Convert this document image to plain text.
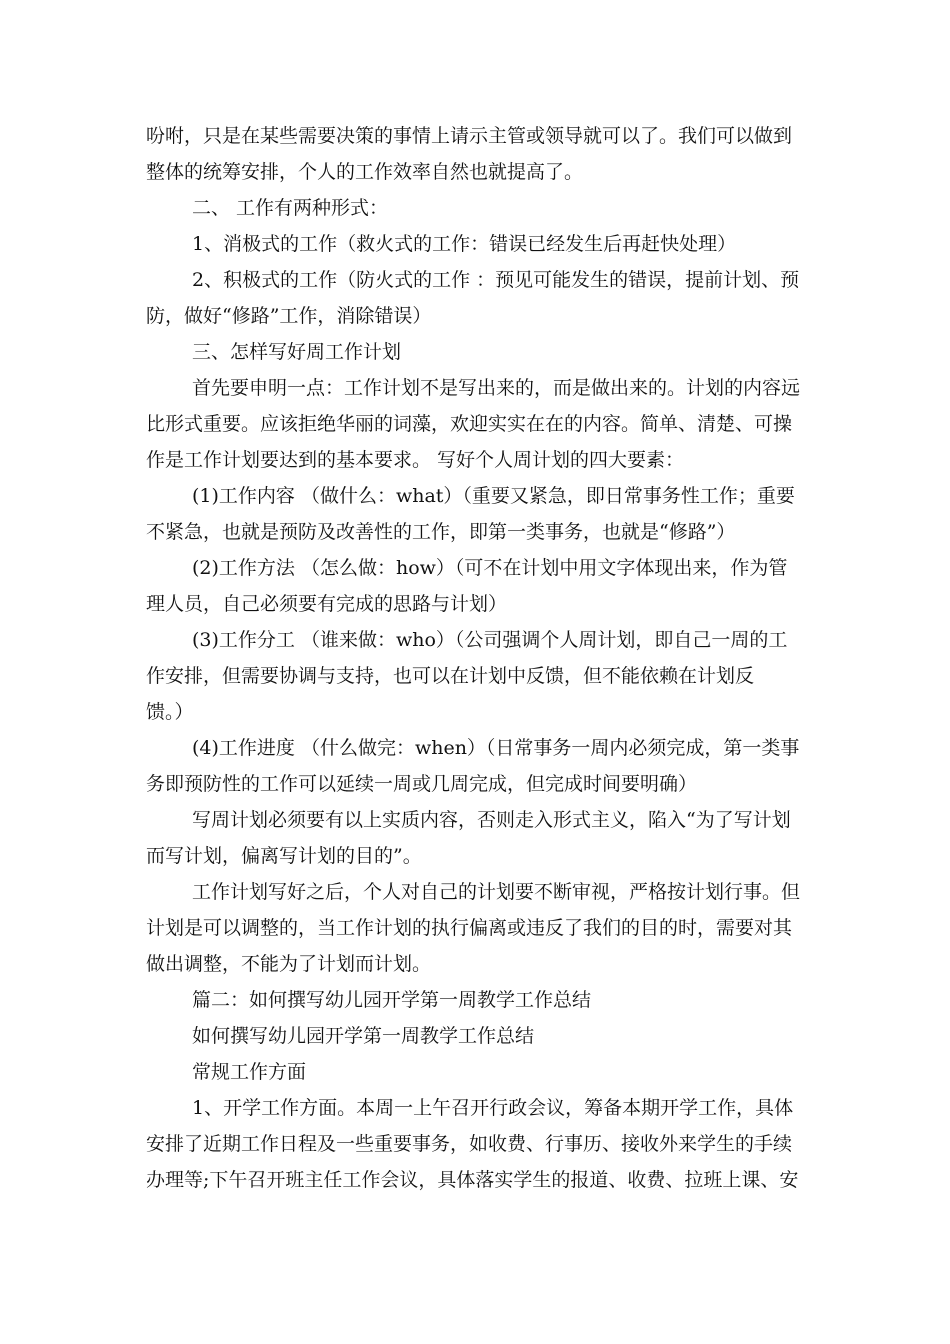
吩咐，只是在某些需要决策的事情上请示主管或领导就可以了。我们可以做到
整体的统筹安排，个人的工作效率自然也就提高了。
二、 工作有两种形式：
1、消极式的工作（救火式的工作：错误已经发生后再赶快处理）
2、积极式的工作（防火式的工作 ：预见可能发生的错误，提前计划、预
防，做好“修路”工作，消除错误）
三、怎样写好周工作计划
首先要申明一点：工作计划不是写出来的，而是做出来的。计划的内容远
比形式重要。应该拒绝华丽的词藻，欢迎实实在在的内容。简单、清楚、可操
作是工作计划要达到的基本要求。 写好个人周计划的四大要素：
(1)工作内容 （做什么：what）（重要又紧急，即日常事务性工作；重要
不紧急，也就是预防及改善性的工作，即第一类事务，也就是“修路”）
(2)工作方法 （怎么做：how）（可不在计划中用文字体现出来，作为管
理人员，自己必须要有完成的思路与计划）
(3)工作分工 （谁来做：who）（公司强调个人周计划，即自己一周的工
作安排，但需要协调与支持，也可以在计划中反馈，但不能依赖在计划反
馈。）
(4)工作进度 （什么做完：when）（日常事务一周内必须完成，第一类事
务即预防性的工作可以延续一周或几周完成，但完成时间要明确）
写周计划必须要有以上实质内容，否则走入形式主义，陷入“为了写计划
而写计划，偏离写计划的目的”。
工作计划写好之后，个人对自己的计划要不断审视，严格按计划行事。但
计划是可以调整的，当工作计划的执行偏离或违反了我们的目的时，需要对其
做出调整，不能为了计划而计划。
篇二：如何撰写幼儿园开学第一周教学工作总结
如何撰写幼儿园开学第一周教学工作总结
常规工作方面
1、开学工作方面。本周一上午召开行政会议，筹备本期开学工作，具体
安排了近期工作日程及一些重要事务，如收费、行事历、接收外来学生的手续
办理等;下午召开班主任工作会议，具体落实学生的报道、收费、拉班上课、安
